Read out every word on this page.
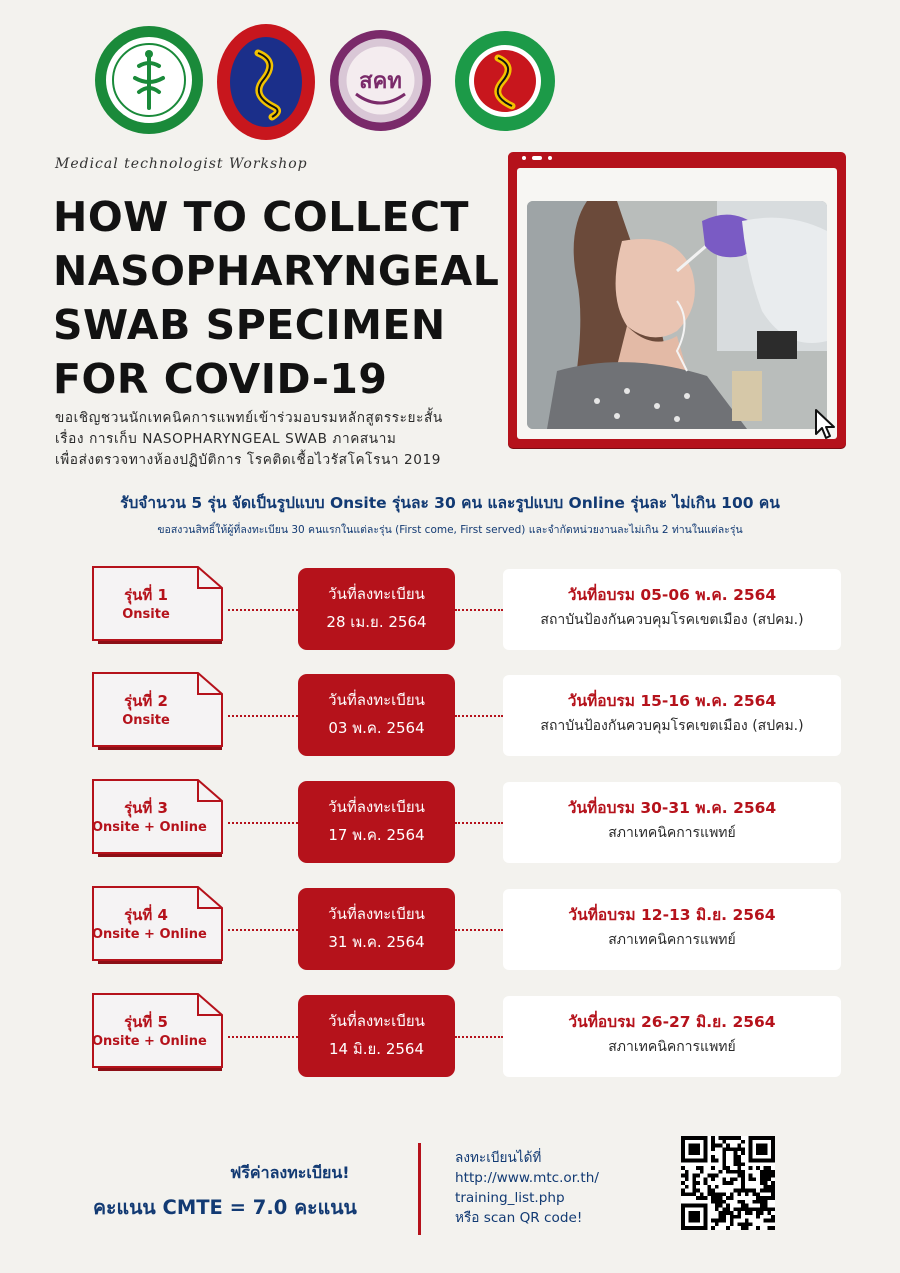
สคท
Medical technologist Workshop
HOW TO COLLECT
NASOPHARYNGEAL
SWAB SPECIMEN
FOR COVID-19
ขอเชิญชวนนักเทคนิคการแพทย์เข้าร่วมอบรมหลักสูตรระยะสั้น
เรื่อง การเก็บ NASOPHARYNGEAL SWAB ภาคสนาม
เพื่อส่งตรวจทางห้องปฏิบัติการ โรคติดเชื้อไวรัสโคโรนา 2019
รับจำนวน 5 รุ่น จัดเป็นรูปแบบ Onsite รุ่นละ 30 คน และรูปแบบ Online รุ่นละ ไม่เกิน 100 คน
ขอสงวนสิทธิ์ให้ผู้ที่ลงทะเบียน 30 คนแรกในแต่ละรุ่น (First come, First served) และจำกัดหน่วยงานละไม่เกิน 2 ท่านในแต่ละรุ่น
รุ่นที่ 1
Onsite
วันที่ลงทะเบียน
28 เม.ย. 2564
วันที่อบรม 05-06 พ.ค. 2564
สถาบันป้องกันควบคุมโรคเขตเมือง (สปคม.)
รุ่นที่ 2
Onsite
วันที่ลงทะเบียน
03 พ.ค. 2564
วันที่อบรม 15-16 พ.ค. 2564
สถาบันป้องกันควบคุมโรคเขตเมือง (สปคม.)
รุ่นที่ 3
Onsite + Online
วันที่ลงทะเบียน
17 พ.ค. 2564
วันที่อบรม 30-31 พ.ค. 2564
สภาเทคนิคการแพทย์
รุ่นที่ 4
Onsite + Online
วันที่ลงทะเบียน
31 พ.ค. 2564
วันที่อบรม 12-13 มิ.ย. 2564
สภาเทคนิคการแพทย์
รุ่นที่ 5
Onsite + Online
วันที่ลงทะเบียน
14 มิ.ย. 2564
วันที่อบรม 26-27 มิ.ย. 2564
สภาเทคนิคการแพทย์
ฟรีค่าลงทะเบียน!
คะแนน CMTE = 7.0 คะแนน
ลงทะเบียนได้ที่
http://www.mtc.or.th/
training_list.php
หรือ scan QR code!
